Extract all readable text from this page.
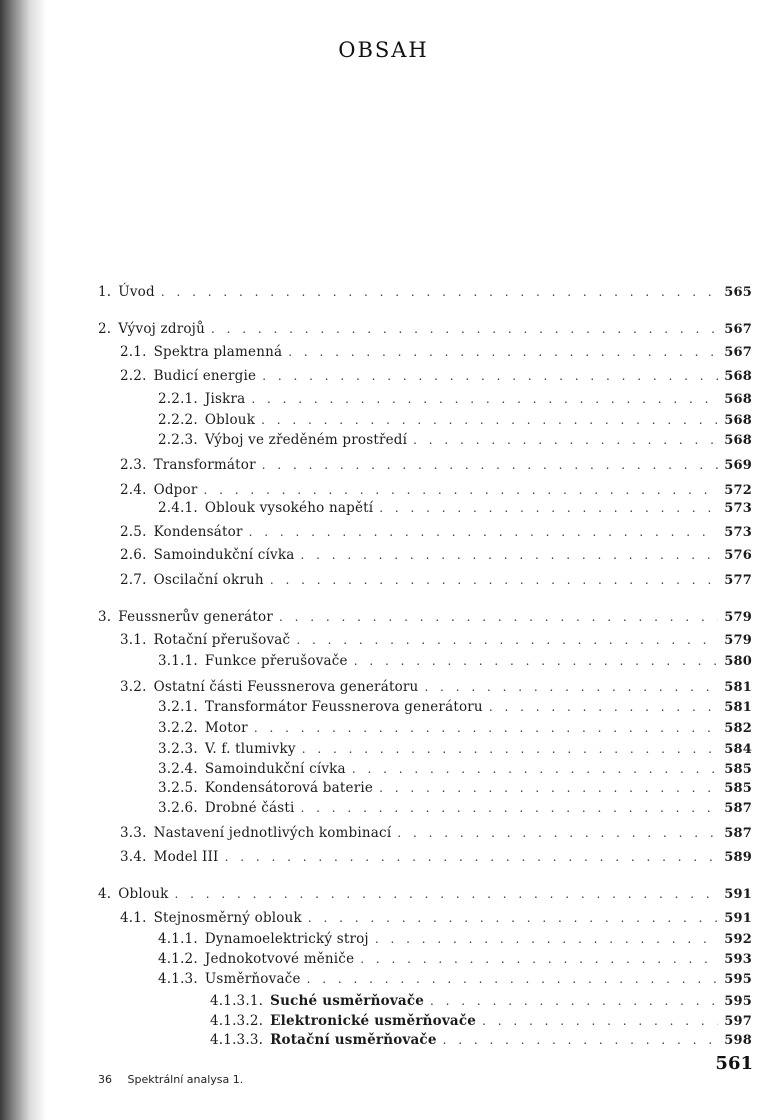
OBSAH
1. Úvod . . .	565
2. Vývoj zdrojů . . .	567
2.1. Spektra plamenná . . .	567
2.2. Budicí energie . . .	568
2.2.1. Jiskra . . .	568
2.2.2. Oblouk . . .	568
2.2.3. Výboj ve zředěném prostředí . . .	568
2.3. Transformátor . . .	569
2.4. Odpor . . .	572
2.4.1. Oblouk vysokého napětí . . .	573
2.5. Kondensátor . . .	573
2.6. Samoindukční cívka . . .	576
2.7. Oscilační okruh . . .	577
3. Feussnerův generátor . . .	579
3.1. Rotační přerušovač . . .	579
3.1.1. Funkce přerušovače . . .	580
3.2. Ostatní části Feussnerova generátoru . . .	581
3.2.1. Transformátor Feussnerova generátoru . . .	581
3.2.2. Motor . . .	582
3.2.3. V. f. tlumivky . . .	584
3.2.4. Samoindukční cívka . . .	585
3.2.5. Kondensátorová baterie . . .	585
3.2.6. Drobné části . . .	587
3.3. Nastavení jednotlivých kombinací . . .	587
3.4. Model III . . .	589
4. Oblouk . . .	591
4.1. Stejnosměrný oblouk . . .	591
4.1.1. Dynamoelektrický stroj . . .	592
4.1.2. Jednokotvové měniče . . .	593
4.1.3. Usměrňovače . . .	595
4.1.3.1. Suché usměrňovače . . .	595
4.1.3.2. Elektronické usměrňovače . . .	597
4.1.3.3. Rotační usměrňovače . . .	598
36 Spektrální analysa 1.
561
